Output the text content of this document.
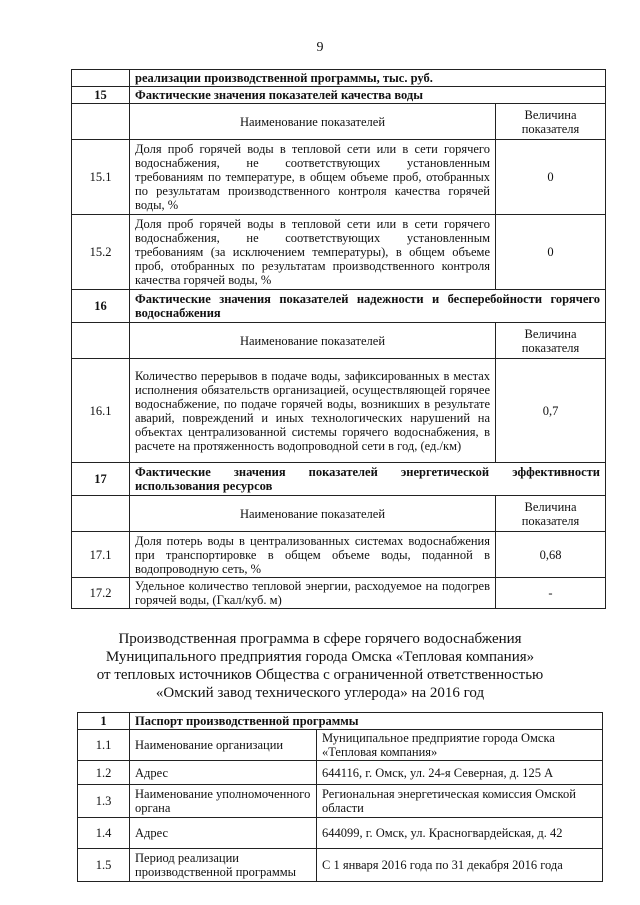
9
	реализации производственной программы, тыс. руб.	
15	Фактические значения показателей качества воды	
	Наименование показателей	Величина показателя
15.1	Доля проб горячей воды в тепловой сети или в сети горячего водоснабжения, не соответствующих установленным требованиям по температуре, в общем объеме проб, отобранных по результатам производственного контроля качества горячей воды, %	0
15.2	Доля проб горячей воды в тепловой сети или в сети горячего водоснабжения, не соответствующих установленным требованиям (за исключением температуры), в общем объеме проб, отобранных по результатам производственного контроля качества горячей воды, %	0
16	Фактические значения показателей надежности и бесперебойности горячего водоснабжения	
	Наименование показателей	Величина показателя
16.1	Количество перерывов в подаче воды, зафиксированных в местах исполнения обязательств организацией, осуществляющей горячее водоснабжение, по подаче горячей воды, возникших в результате аварий, повреждений и иных технологических нарушений на объектах централизованной системы горячего водоснабжения, в расчете на протяженность водопроводной сети в год, (ед./км)	0,7
17	Фактические значения показателей энергетической эффективности использования ресурсов	
	Наименование показателей	Величина показателя
17.1	Доля потерь воды в централизованных системах водоснабжения при транспортировке в общем объеме воды, поданной в водопроводную сеть, %	0,68
17.2	Удельное количество тепловой энергии, расходуемое на подогрев горячей воды, (Гкал/куб. м)	-
Производственная программа в сфере горячего водоснабжения
Муниципального предприятия города Омска «Тепловая компания»
от тепловых источников Общества с ограниченной ответственностью
«Омский завод технического углерода» на 2016 год
1	Паспорт производственной программы	
1.1	Наименование организации	Муниципальное предприятие города Омска «Тепловая компания»
1.2	Адрес	644116, г. Омск, ул. 24-я Северная, д. 125 А
1.3	Наименование уполномоченного органа	Региональная энергетическая комиссия Омской области
1.4	Адрес	644099, г. Омск, ул. Красногвардейская, д. 42
1.5	Период реализации производственной программы	С 1 января 2016 года по 31 декабря 2016 года
